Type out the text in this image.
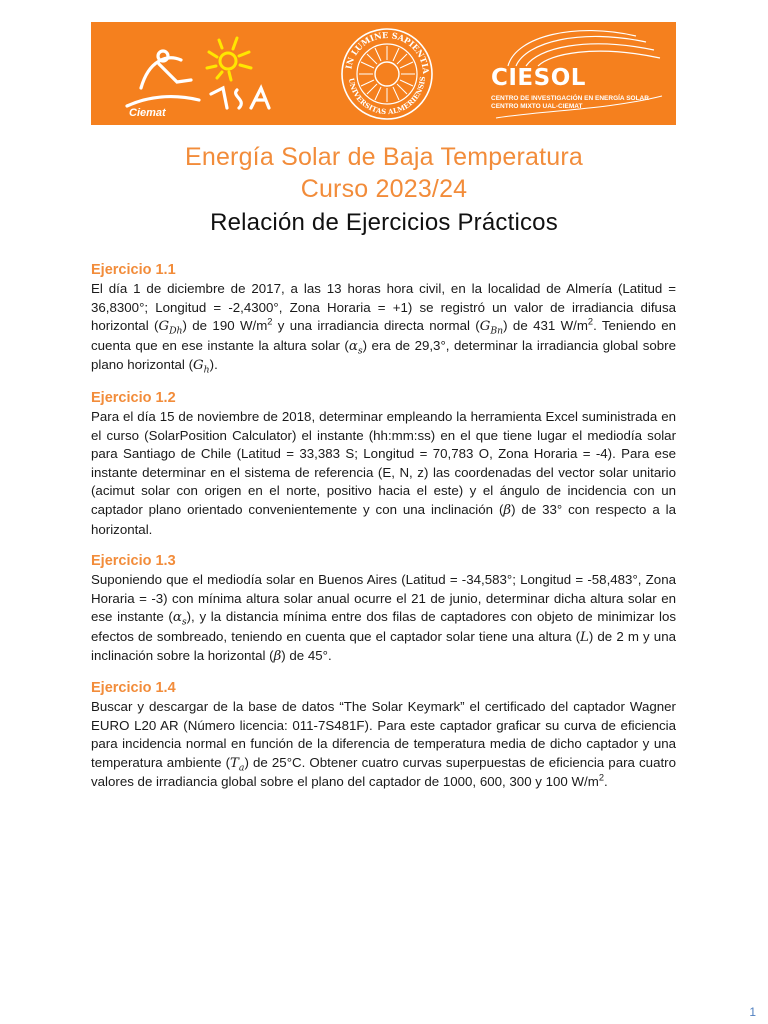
Ciemat
IN LUMINE SAPIENTIA
UNIVERSITAS ALMERIENSIS	CIESOL
CENTRO DE INVESTIGACIÓN EN ENERGÍA SOLAR
CENTRO MIXTO UAL-CIEMAT
Energía Solar de Baja Temperatura
Curso 2023/24
Relación de Ejercicios Prácticos
Ejercicio 1.1

El día 1 de diciembre de 2017, a las 13 horas hora civil, en la localidad de Almería (Latitud = 36,8300°; Longitud = -2,4300°, Zona Horaria = +1) se registró un valor de irradiancia difusa horizontal $(G_{Dh})$ de 190 $W/m^2$ y una irradiancia directa normal $(G_{Bn})$ de 431 $W/m^2$. Teniendo en cuenta que en ese instante la altura solar $(\alpha_s)$ era de 29,3°, determinar la irradiancia global sobre plano horizontal $(G_h)$.

Ejercicio 1.2

Para el día 15 de noviembre de 2018, determinar empleando la herramienta Excel suministrada en el curso (SolarPosition Calculator) el instante (hh:mm:ss) en el que tiene lugar el mediodía solar para Santiago de Chile (Latitud = 33,383 S; Longitud = 70,783 O, Zona Horaria = -4). Para ese instante determinar en el sistema de referencia (E, N, z) las coordenadas del vector solar unitario (acimut solar con origen en el norte, positivo hacia el este) y el ángulo de incidencia con un captador plano orientado convenientemente y con una inclinación (β) de 33° con respecto a la horizontal.

Ejercicio 1.3

Suponiendo que el mediodía solar en Buenos Aires (Latitud = -34,583°; Longitud = -58,483°, Zona Horaria = -3) con mínima altura solar anual ocurre el 21 de junio, determinar dicha altura solar en ese instante $(\alpha_s)$, y la distancia mínima entre dos filas de captadores con objeto de minimizar los efectos de sombreado, teniendo en cuenta que el captador solar tiene una altura (L) de 2 m y una inclinación sobre la horizontal (β) de 45°.

Ejercicio 1.4

Buscar y descargar de la base de datos “The Solar Keymark” el certificado del captador Wagner EURO L20 AR (Número licencia: 011-7S481F). Para este captador graficar su curva de eficiencia para incidencia normal en función de la diferencia de temperatura media de dicho captador y una temperatura ambiente $(T_a)$ de 25°C. Obtener cuatro curvas superpuestas de eficiencia para cuatro valores de irradiancia global sobre el plano del captador de 1000, 600, 300 y 100 $W/m^2$.

1
